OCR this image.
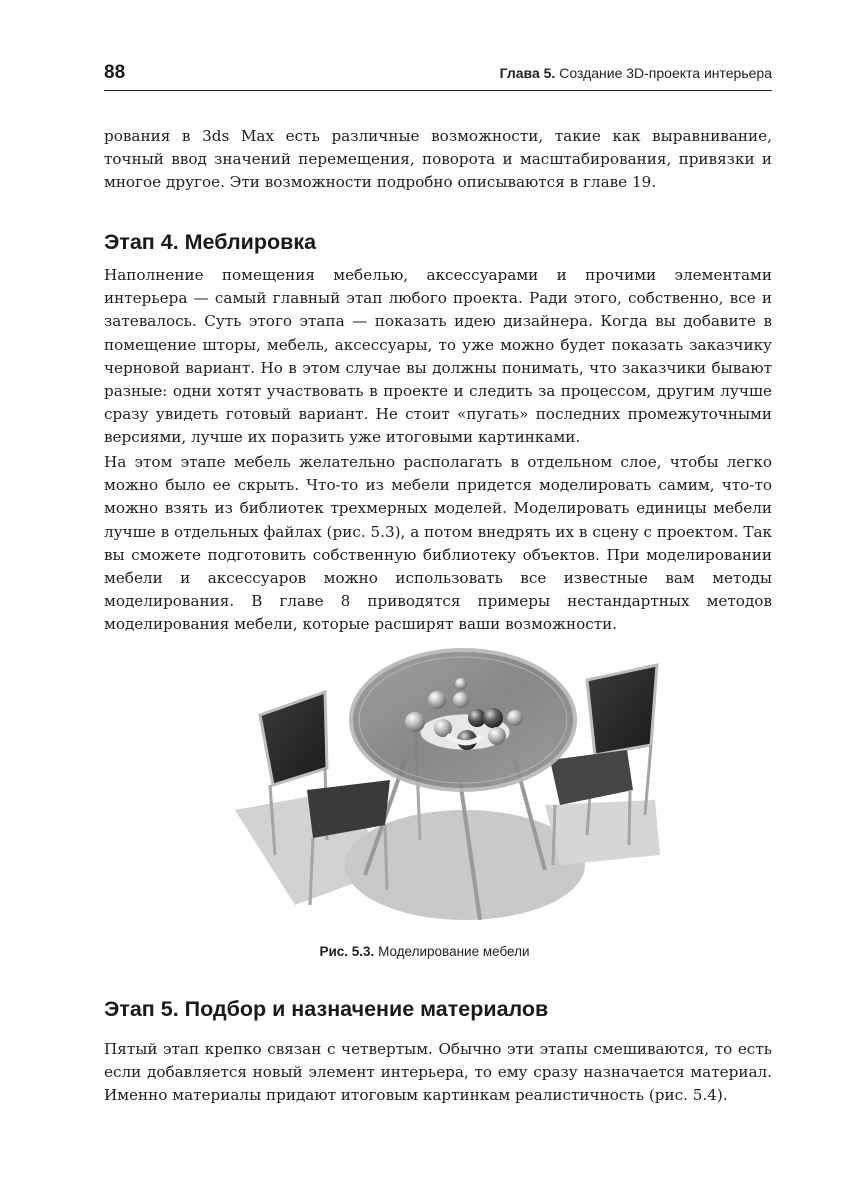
88	Глава 5. Создание 3D-проекта интерьера

рования в 3ds Max есть различные возможности, такие как выравнивание, точный ввод значений перемещения, поворота и масштабирования, привязки и многое другое. Эти возможности подробно описываются в главе 19.

Этап 4. Меблировка

Наполнение помещения мебелью, аксессуарами и прочими элементами интерьера — самый главный этап любого проекта. Ради этого, собственно, все и затевалось. Суть этого этапа — показать идею дизайнера. Когда вы добавите в помещение шторы, мебель, аксессуары, то уже можно будет показать заказчику черновой вариант. Но в этом случае вы должны понимать, что заказчики бывают разные: одни хотят участвовать в проекте и следить за процессом, другим лучше сразу увидеть готовый вариант. Не стоит «пугать» последних промежуточными версиями, лучше их поразить уже итоговыми картинками.

На этом этапе мебель желательно располагать в отдельном слое, чтобы легко можно было ее скрыть. Что-то из мебели придется моделировать самим, что-то можно взять из библиотек трехмерных моделей. Моделировать единицы мебели лучше в отдельных файлах (рис. 5.3), а потом внедрять их в сцену с проектом. Так вы сможете подготовить собственную библиотеку объектов. При моделировании мебели и аксессуаров можно использовать все известные вам методы моделирования. В главе 8 приводятся примеры нестандартных методов моделирования мебели, которые расширят ваши возможности.

Рис. 5.3. Моделирование мебели
Этап 5. Подбор и назначение материалов

Пятый этап крепко связан с четвертым. Обычно эти этапы смешиваются, то есть если добавляется новый элемент интерьера, то ему сразу назначается материал. Именно материалы придают итоговым картинкам реалистичность (рис. 5.4).
